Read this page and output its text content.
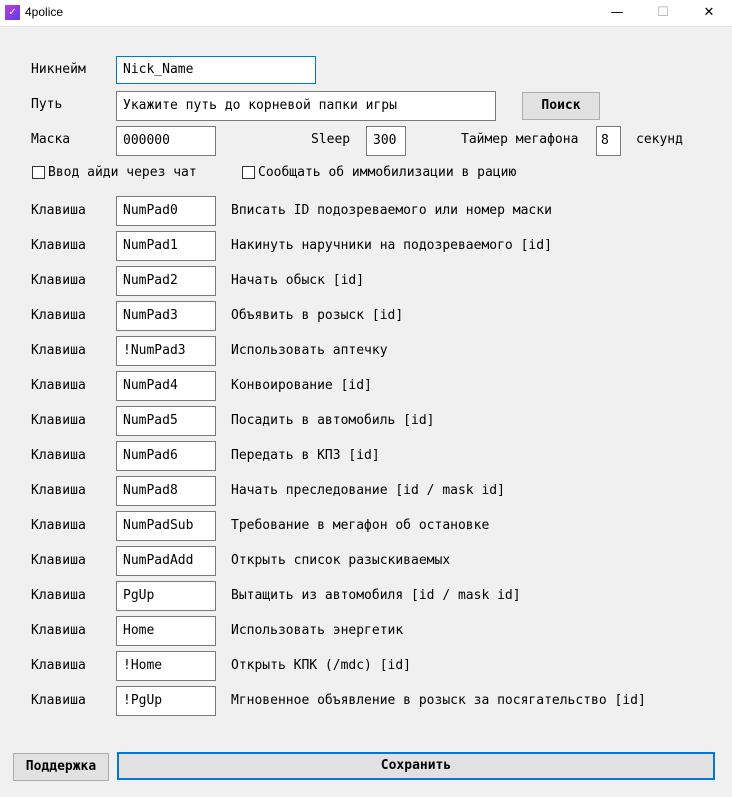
✓ 4police	—	☐	✕
Никнейм	Nick_Name
Путь	Укажите путь до корневой папки игры	Поиск
Маска	000000	Sleep	300	Таймер мегафона	8	секунд
Ввод айди через чат	Сообщать об иммобилизации в рацию
Клавиша	NumPad0	Вписать ID подозреваемого или номер маски
Клавиша	NumPad1	Накинуть наручники на подозреваемого [id]
Клавиша	NumPad2	Начать обыск [id]
Клавиша	NumPad3	Объявить в розыск [id]
Клавиша	!NumPad3	Использовать аптечку
Клавиша	NumPad4	Конвоирование [id]
Клавиша	NumPad5	Посадить в автомобиль [id]
Клавиша	NumPad6	Передать в КПЗ [id]
Клавиша	NumPad8	Начать преследование [id / mask id]
Клавиша	NumPadSub	Требование в мегафон об остановке
Клавиша	NumPadAdd	Открыть список разыскиваемых
Клавиша	PgUp	Вытащить из автомобиля [id / mask id]
Клавиша	Home	Использовать энергетик
Клавиша	!Home	Открыть КПК (/mdc) [id]
Клавиша	!PgUp	Мгновенное объявление в розыск за посягательство [id]
Поддержка	Сохранить
